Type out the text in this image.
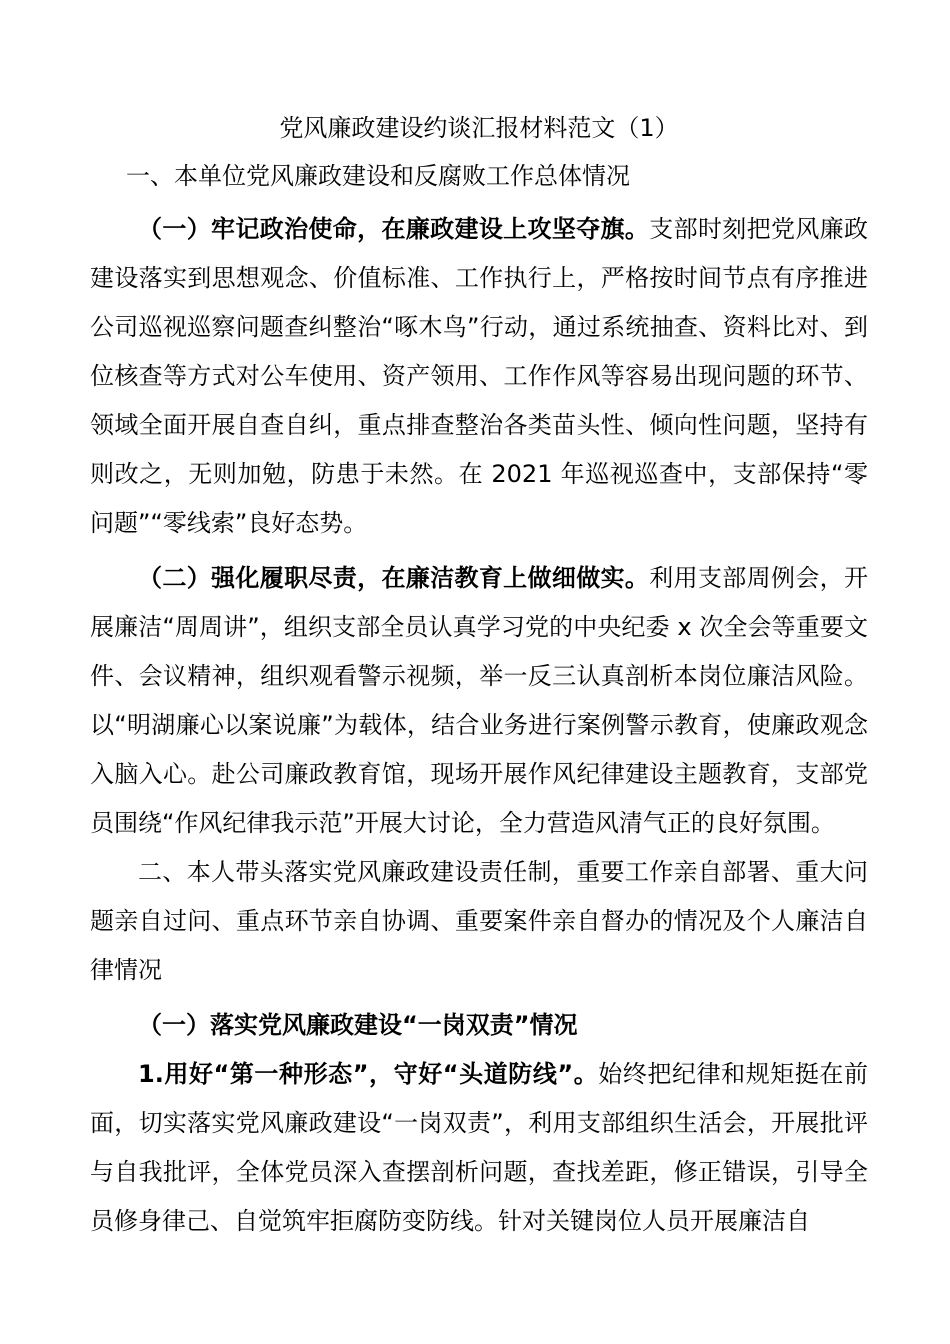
党风廉政建设约谈汇报材料范文（1）

一、本单位党风廉政建设和反腐败工作总体情况

（一）牢记政治使命，在廉政建设上攻坚夺旗。支部时刻把党风廉政建设落实到思想观念、价值标准、工作执行上，严格按时间节点有序推进公司巡视巡察问题查纠整治“啄木鸟”行动，通过系统抽查、资料比对、到位核查等方式对公车使用、资产领用、工作作风等容易出现问题的环节、领域全面开展自查自纠，重点排查整治各类苗头性、倾向性问题，坚持有则改之，无则加勉，防患于未然。在 2021 年巡视巡查中，支部保持“零问题”“零线索”良好态势。

（二）强化履职尽责，在廉洁教育上做细做实。利用支部周例会，开展廉洁“周周讲”，组织支部全员认真学习党的中央纪委 x 次全会等重要文件、会议精神，组织观看警示视频，举一反三认真剖析本岗位廉洁风险。以“明湖廉心以案说廉”为载体，结合业务进行案例警示教育，使廉政观念入脑入心。赴公司廉政教育馆，现场开展作风纪律建设主题教育，支部党员围绕“作风纪律我示范”开展大讨论，全力营造风清气正的良好氛围。

二、本人带头落实党风廉政建设责任制，重要工作亲自部署、重大问题亲自过问、重点环节亲自协调、重要案件亲自督办的情况及个人廉洁自律情况

（一）落实党风廉政建设“一岗双责”情况

1.用好“第一种形态”，守好“头道防线”。始终把纪律和规矩挺在前面，切实落实党风廉政建设“一岗双责”，利用支部组织生活会，开展批评与自我批评，全体党员深入查摆剖析问题，查找差距，修正错误，引导全员修身律己、自觉筑牢拒腐防变防线。针对关键岗位人员开展廉洁自
